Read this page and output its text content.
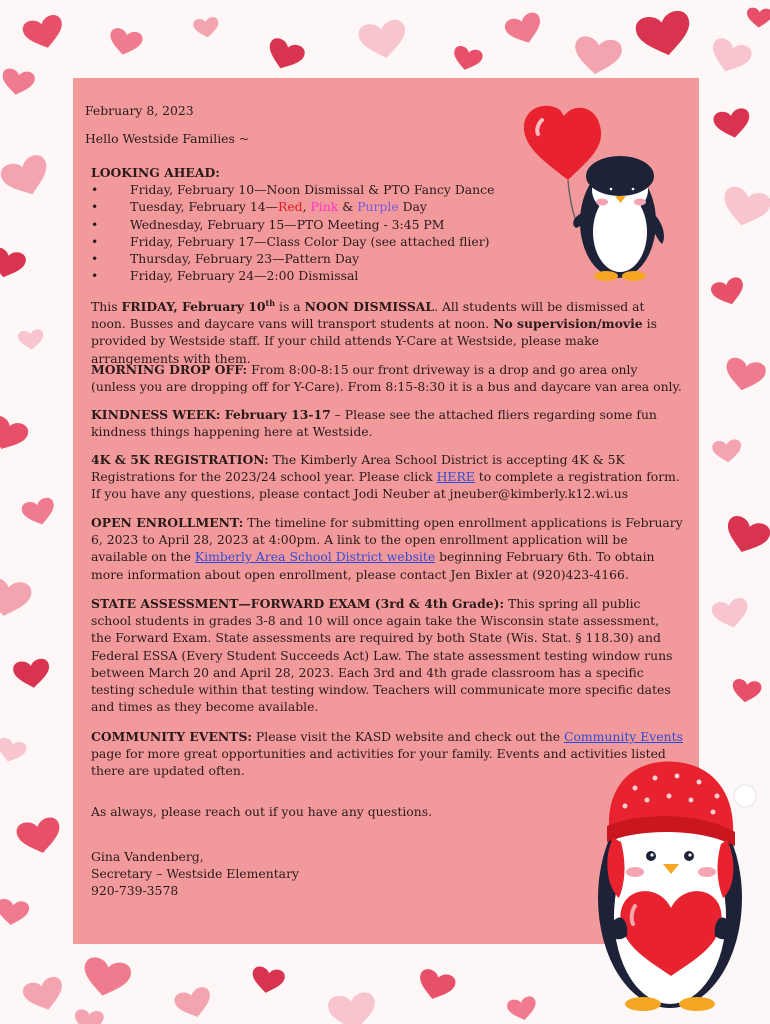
February 8, 2023
Hello Westside Families ~
LOOKING AHEAD:
• Friday, February 10—Noon Dismissal & PTO Fancy Dance
• Tuesday, February 14—Red, Pink & Purple Day
• Wednesday, February 15—PTO Meeting - 3:45 PM
• Friday, February 17—Class Color Day (see attached flier)
• Thursday, February 23—Pattern Day
• Friday, February 24—2:00 Dismissal
This FRIDAY, February 10th is a NOON DISMISSAL. All students will be dismissed at noon. Busses and daycare vans will transport students at noon. No supervision/movie is provided by Westside staff. If your child attends Y-Care at Westside, please make arrangements with them.
MORNING DROP OFF: From 8:00-8:15 our front driveway is a drop and go area only (unless you are dropping off for Y-Care). From 8:15-8:30 it is a bus and daycare van area only.
KINDNESS WEEK: February 13-17 – Please see the attached fliers regarding some fun kindness things happening here at Westside.
4K & 5K REGISTRATION: The Kimberly Area School District is accepting 4K & 5K Registrations for the 2023/24 school year. Please click HERE to complete a registration form. If you have any questions, please contact Jodi Neuber at jneuber@kimberly.k12.wi.us
OPEN ENROLLMENT: The timeline for submitting open enrollment applications is February 6, 2023 to April 28, 2023 at 4:00pm. A link to the open enrollment application will be available on the Kimberly Area School District website beginning February 6th. To obtain more information about open enrollment, please contact Jen Bixler at (920)423-4166.
STATE ASSESSMENT—FORWARD EXAM (3rd & 4th Grade): This spring all public school students in grades 3-8 and 10 will once again take the Wisconsin state assessment, the Forward Exam. State assessments are required by both State (Wis. Stat. § 118.30) and Federal ESSA (Every Student Succeeds Act) Law. The state assessment testing window runs between March 20 and April 28, 2023. Each 3rd and 4th grade classroom has a specific testing schedule within that testing window. Teachers will communicate more specific dates and times as they become available.
COMMUNITY EVENTS: Please visit the KASD website and check out the Community Events page for more great opportunities and activities for your family. Events and activities listed there are updated often.
As always, please reach out if you have any questions.
Gina Vandenberg,
Secretary – Westside Elementary
920-739-3578
